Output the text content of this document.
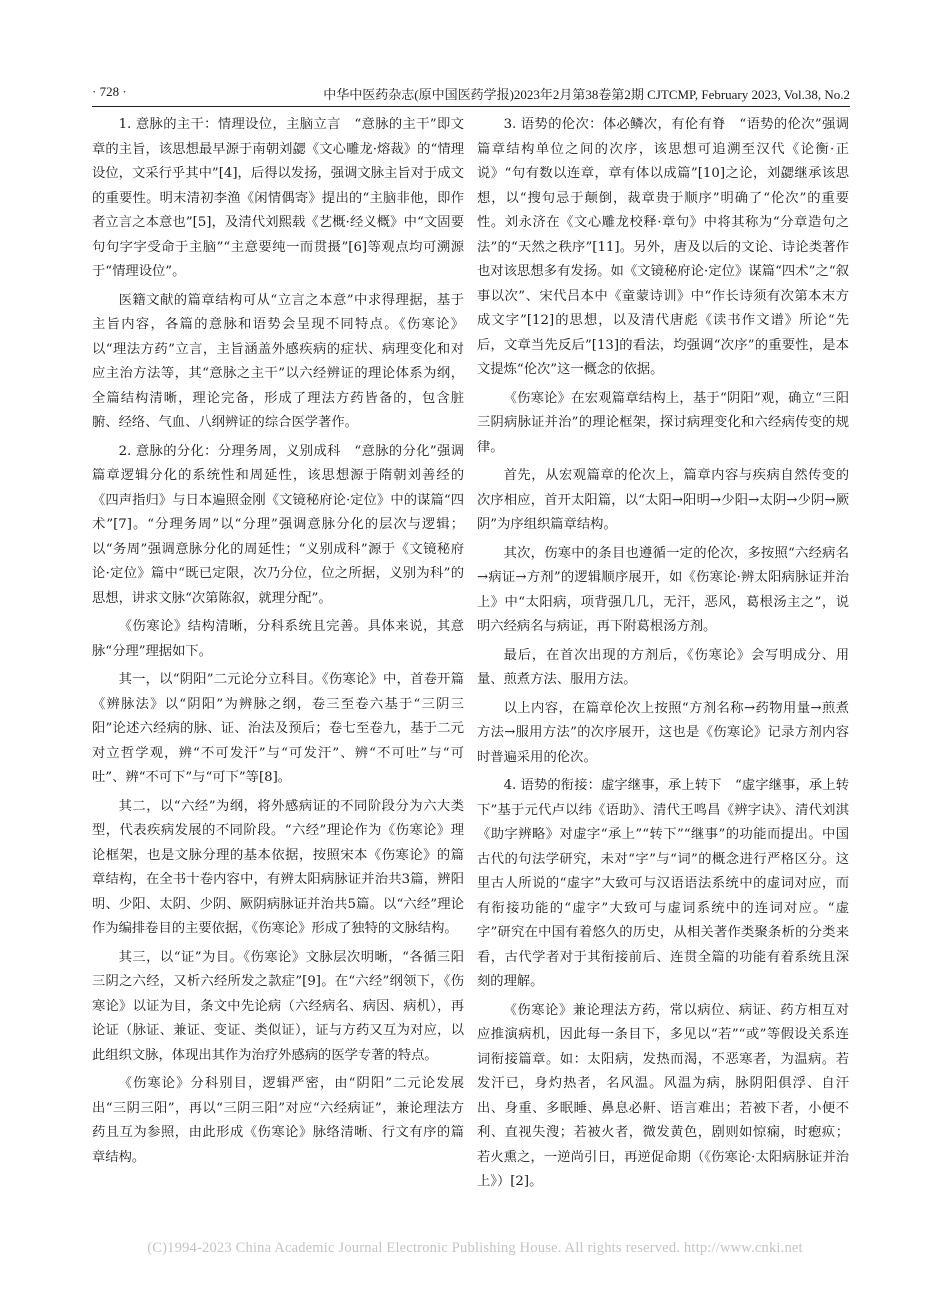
· 728 ·	中华中医药杂志(原中国医药学报)2023年2月第38卷第2期 CJTCMP, February 2023, Vol.38, No.2

1. 意脉的主干：情理设位，主脑立言　“意脉的主干”即文章的主旨，该思想最早源于南朝刘勰《文心雕龙·熔裁》的“情理设位，文采行乎其中”[4]，后得以发扬，强调文脉主旨对于成文的重要性。明末清初李渔《闲情偶寄》提出的“主脑非他，即作者立言之本意也”[5]，及清代刘熙载《艺概·经义概》中“文固要句句字字受命于主脑”“主意要纯一而贯摄”[6]等观点均可溯源于“情理设位”。

医籍文献的篇章结构可从“立言之本意”中求得理据，基于主旨内容，各篇的意脉和语势会呈现不同特点。《伤寒论》以“理法方药”立言，主旨涵盖外感疾病的症状、病理变化和对应主治方法等，其“意脉之主干”以六经辨证的理论体系为纲，全篇结构清晰，理论完备，形成了理法方药皆备的，包含脏腑、经络、气血、八纲辨证的综合医学著作。

2. 意脉的分化：分理务周，义别成科　“意脉的分化”强调篇章逻辑分化的系统性和周延性，该思想源于隋朝刘善经的《四声指归》与日本遍照金刚《文镜秘府论·定位》中的谋篇“四术”[7]。“分理务周”以“分理”强调意脉分化的层次与逻辑；以“务周”强调意脉分化的周延性；“义别成科”源于《文镜秘府论·定位》篇中“既已定限，次乃分位，位之所据，义别为科”的思想，讲求文脉“次第陈叙，就理分配”。

《伤寒论》结构清晰，分科系统且完善。具体来说，其意脉“分理”理据如下。

其一，以“阴阳”二元论分立科目。《伤寒论》中，首卷开篇《辨脉法》以“阴阳”为辨脉之纲，卷三至卷六基于“三阴三阳”论述六经病的脉、证、治法及预后；卷七至卷九，基于二元对立哲学观，辨“不可发汗”与“可发汗”、辨“不可吐”与“可吐”、辨“不可下”与“可下”等[8]。

其二，以“六经”为纲，将外感病证的不同阶段分为六大类型，代表疾病发展的不同阶段。“六经”理论作为《伤寒论》理论框架，也是文脉分理的基本依据，按照宋本《伤寒论》的篇章结构，在全书十卷内容中，有辨太阳病脉证并治共3篇，辨阳明、少阳、太阴、少阴、厥阴病脉证并治共5篇。以“六经”理论作为编排卷目的主要依据，《伤寒论》形成了独特的文脉结构。

其三，以“证”为目。《伤寒论》文脉层次明晰，“各循三阳三阴之六经，又析六经所发之款症”[9]。在“六经”纲领下，《伤寒论》以证为目，条文中先论病（六经病名、病因、病机），再论证（脉证、兼证、变证、类似证），证与方药又互为对应，以此组织文脉，体现出其作为治疗外感病的医学专著的特点。

《伤寒论》分科别目，逻辑严密，由“阴阳”二元论发展出“三阴三阳”，再以“三阴三阳”对应“六经病证”，兼论理法方药且互为参照，由此形成《伤寒论》脉络清晰、行文有序的篇章结构。

3. 语势的伦次：体必鳞次，有伦有脊　“语势的伦次”强调篇章结构单位之间的次序，该思想可追溯至汉代《论衡·正说》“句有数以连章，章有体以成篇”[10]之论，刘勰继承该思想，以“搜句忌于颠倒，裁章贵于顺序”明确了“伦次”的重要性。刘永济在《文心雕龙校释·章句》中将其称为“分章造句之法”的“天然之秩序”[11]。另外，唐及以后的文论、诗论类著作也对该思想多有发扬。如《文镜秘府论·定位》谋篇“四术”之“叙事以次”、宋代吕本中《童蒙诗训》中“作长诗须有次第本末方成文字”[12]的思想，以及清代唐彪《读书作文谱》所论“先后，文章当先反后”[13]的看法，均强调“次序”的重要性，是本文提炼“伦次”这一概念的依据。

《伤寒论》在宏观篇章结构上，基于“阴阳”观，确立“三阳三阴病脉证并治”的理论框架，探讨病理变化和六经病传变的规律。

首先，从宏观篇章的伦次上，篇章内容与疾病自然传变的次序相应，首开太阳篇，以“太阳→阳明→少阳→太阴→少阴→厥阴”为序组织篇章结构。

其次，伤寒中的条目也遵循一定的伦次，多按照“六经病名→病证→方剂”的逻辑顺序展开，如《伤寒论·辨太阳病脉证并治上》中“太阳病，项背强几几，无汗，恶风，葛根汤主之”，说明六经病名与病证，再下附葛根汤方剂。

最后，在首次出现的方剂后，《伤寒论》会写明成分、用量、煎煮方法、服用方法。

以上内容，在篇章伦次上按照“方剂名称→药物用量→煎煮方法→服用方法”的次序展开，这也是《伤寒论》记录方剂内容时普遍采用的伦次。

4. 语势的衔接：虚字继事，承上转下　“虚字继事，承上转下”基于元代卢以纬《语助》、清代王鸣昌《辨字诀》、清代刘淇《助字辨略》对虚字“承上”“转下”“继事”的功能而提出。中国古代的句法学研究，未对“字”与“词”的概念进行严格区分。这里古人所说的“虚字”大致可与汉语语法系统中的虚词对应，而有衔接功能的“虚字”大致可与虚词系统中的连词对应。“虚字”研究在中国有着悠久的历史，从相关著作类聚条析的分类来看，古代学者对于其衔接前后、连贯全篇的功能有着系统且深刻的理解。

《伤寒论》兼论理法方药，常以病位、病证、药方相互对应推演病机，因此每一条目下，多见以“若”“或”等假设关系连词衔接篇章。如：太阳病，发热而渴，不恶寒者，为温病。若发汗已，身灼热者，名风温。风温为病，脉阴阳俱浮、自汗出、身重、多眠睡、鼻息必鼾、语言难出；若被下者，小便不利、直视失溲；若被火者，微发黄色，剧则如惊痫，时瘛疭；若火熏之，一逆尚引日，再逆促命期（《伤寒论·太阳病脉证并治上》）[2]。

(C)1994-2023 China Academic Journal Electronic Publishing House. All rights reserved. http://www.cnki.net
